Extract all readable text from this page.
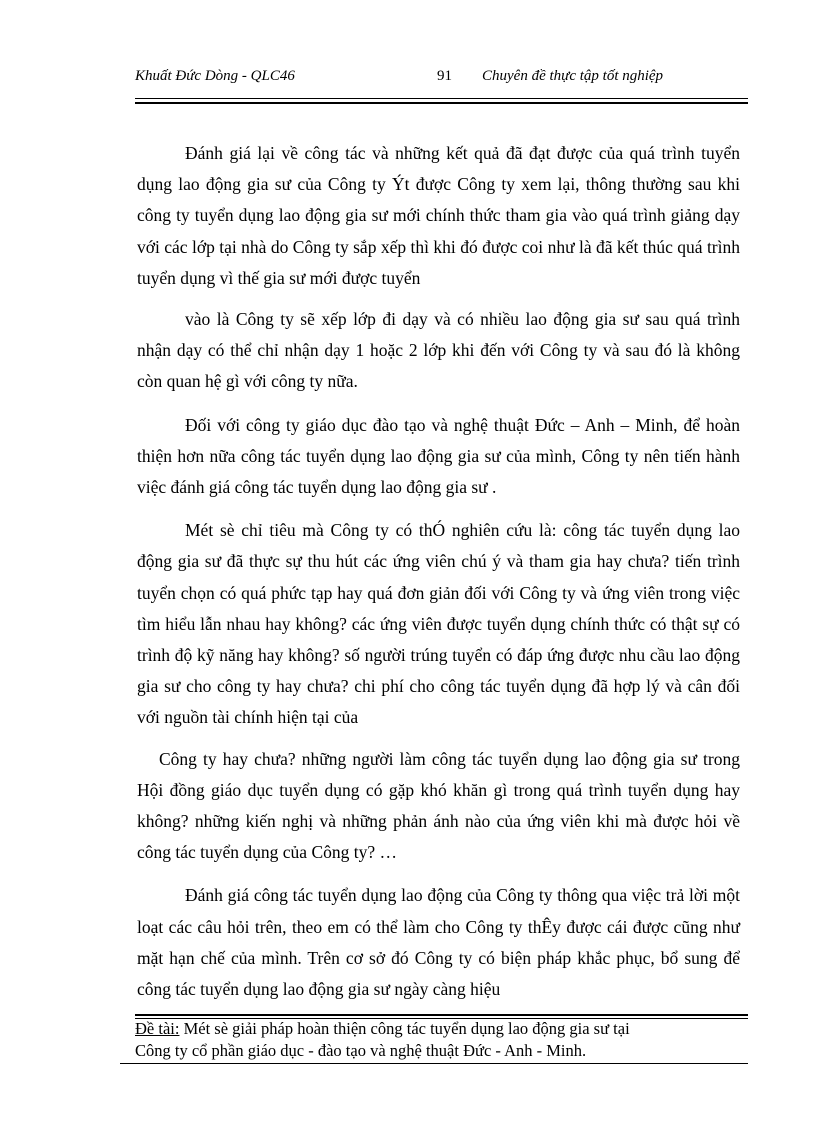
Khuất Đức Dòng - QLC46	91 Chuyên đề thực tập tốt nghiệp

Đánh giá lại về công tác và những kết quả đã đạt được của quá trình tuyển dụng lao động gia sư của Công ty Ýt được Công ty xem lại, thông thường sau khi công ty tuyển dụng lao động gia sư mới chính thức tham gia vào quá trình giảng dạy với các lớp tại nhà do Công ty sắp xếp thì khi đó được coi như là đã kết thúc quá trình tuyển dụng vì thế gia sư mới được tuyển

vào là Công ty sẽ xếp lớp đi dạy và có nhiều lao động gia sư sau quá trình nhận dạy có thể chỉ nhận dạy 1 hoặc 2 lớp khi đến với Công ty và sau đó là không còn quan hệ gì với công ty nữa.

Đối với công ty giáo dục đào tạo và nghệ thuật Đức – Anh – Minh, để hoàn thiện hơn nữa công tác tuyển dụng lao động gia sư của mình, Công ty nên tiến hành việc đánh giá công tác tuyển dụng lao động gia sư .

Mét sè chỉ tiêu mà Công ty có thÓ nghiên cứu là: công tác tuyển dụng lao động gia sư đã thực sự thu hút các ứng viên chú ý và tham gia hay chưa? tiến trình tuyển chọn có quá phức tạp hay quá đơn giản đối với Công ty và ứng viên trong việc tìm hiểu lẫn nhau hay không? các ứng viên được tuyển dụng chính thức có thật sự có trình độ kỹ năng hay không? số người trúng tuyển có đáp ứng được nhu cầu lao động gia sư cho công ty hay chưa? chi phí cho công tác tuyển dụng đã hợp lý và cân đối với nguồn tài chính hiện tại của

Công ty hay chưa? những người làm công tác tuyển dụng lao động gia sư trong Hội đồng giáo dục tuyển dụng có gặp khó khăn gì trong quá trình tuyển dụng hay không? những kiến nghị và những phản ánh nào của ứng viên khi mà được hỏi về công tác tuyển dụng của Công ty? …

Đánh giá công tác tuyển dụng lao động của Công ty thông qua việc trả lời một loạt các câu hỏi trên, theo em có thể làm cho Công ty thÊy được cái được cũng như mặt hạn chế của mình. Trên cơ sở đó Công ty có biện pháp khắc phục, bổ sung để công tác tuyển dụng lao động gia sư ngày càng hiệu

Đề tài: Mét sè giải pháp hoàn thiện công tác tuyển dụng lao động gia sư tại
Công ty cổ phần giáo dục - đào tạo và nghệ thuật Đức - Anh - Minh.
